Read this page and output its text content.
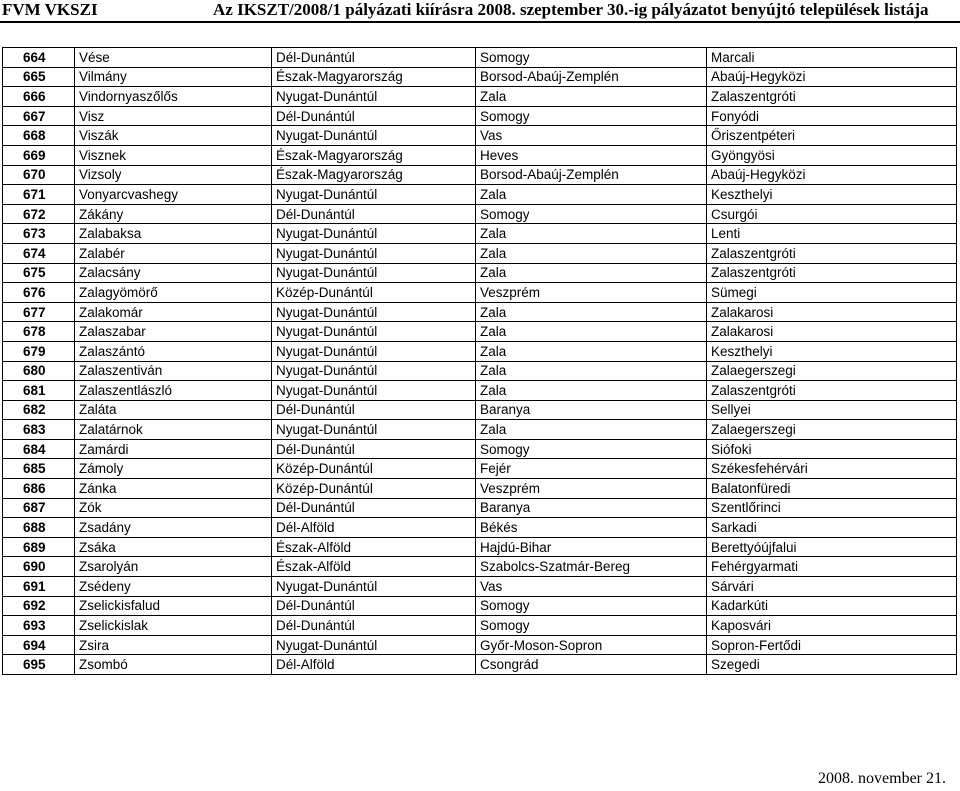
FVM VKSZI	Az IKSZT/2008/1 pályázati kiírásra 2008. szeptember 30.-ig pályázatot benyújtó települések listája
664	Vése	Dél-Dunántúl	Somogy	Marcali
665	Vilmány	Észak-Magyarország	Borsod-Abaúj-Zemplén	Abaúj-Hegyközi
666	Vindornyaszőlős	Nyugat-Dunántúl	Zala	Zalaszentgróti
667	Visz	Dél-Dunántúl	Somogy	Fonyódi
668	Viszák	Nyugat-Dunántúl	Vas	Őriszentpéteri
669	Visznek	Észak-Magyarország	Heves	Gyöngyösi
670	Vizsoly	Észak-Magyarország	Borsod-Abaúj-Zemplén	Abaúj-Hegyközi
671	Vonyarcvashegy	Nyugat-Dunántúl	Zala	Keszthelyi
672	Zákány	Dél-Dunántúl	Somogy	Csurgói
673	Zalabaksa	Nyugat-Dunántúl	Zala	Lenti
674	Zalabér	Nyugat-Dunántúl	Zala	Zalaszentgróti
675	Zalacsány	Nyugat-Dunántúl	Zala	Zalaszentgróti
676	Zalagyömörő	Közép-Dunántúl	Veszprém	Sümegi
677	Zalakomár	Nyugat-Dunántúl	Zala	Zalakarosi
678	Zalaszabar	Nyugat-Dunántúl	Zala	Zalakarosi
679	Zalaszántó	Nyugat-Dunántúl	Zala	Keszthelyi
680	Zalaszentiván	Nyugat-Dunántúl	Zala	Zalaegerszegi
681	Zalaszentlászló	Nyugat-Dunántúl	Zala	Zalaszentgróti
682	Zaláta	Dél-Dunántúl	Baranya	Sellyei
683	Zalatárnok	Nyugat-Dunántúl	Zala	Zalaegerszegi
684	Zamárdi	Dél-Dunántúl	Somogy	Siófoki
685	Zámoly	Közép-Dunántúl	Fejér	Székesfehérvári
686	Zánka	Közép-Dunántúl	Veszprém	Balatonfüredi
687	Zók	Dél-Dunántúl	Baranya	Szentlőrinci
688	Zsadány	Dél-Alföld	Békés	Sarkadi
689	Zsáka	Észak-Alföld	Hajdú-Bihar	Berettyóújfalui
690	Zsarolyán	Észak-Alföld	Szabolcs-Szatmár-Bereg	Fehérgyarmati
691	Zsédeny	Nyugat-Dunántúl	Vas	Sárvári
692	Zselickisfalud	Dél-Dunántúl	Somogy	Kadarkúti
693	Zselickislak	Dél-Dunántúl	Somogy	Kaposvári
694	Zsira	Nyugat-Dunántúl	Győr-Moson-Sopron	Sopron-Fertődi
695	Zsombó	Dél-Alföld	Csongrád	Szegedi
2008. november 21.
